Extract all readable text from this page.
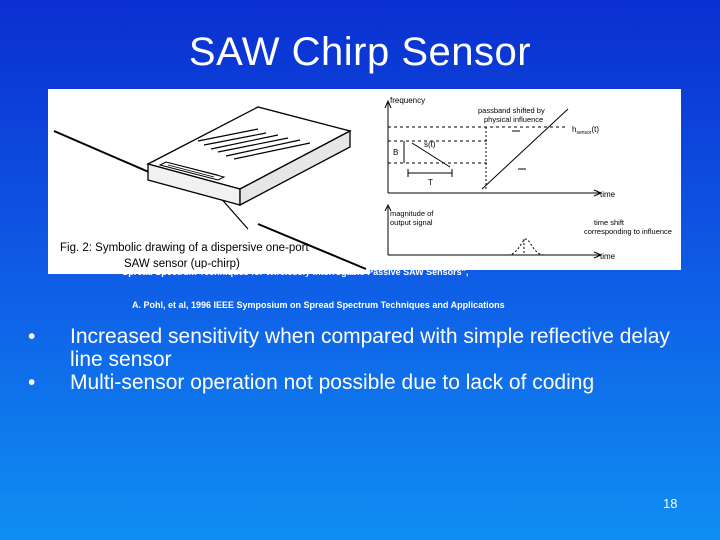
SAW Chirp Sensor
Fig. 2: Symbolic drawing of a dispersive one-port
SAW sensor (up-chirp)
frequency
passband shifted by
physical influence
$h_{sensor}(t)$
s(t)
B
T
time
magnitude of
output signal	time shift
corresponding to influence
time
"Spread Spectrum Techniques for Wirelessly Interrogable Passive SAW Sensors",
A. Pohl, et al, 1996 IEEE Symposium on Spread Spectrum Techniques and Applications
• Increased sensitivity when compared with simple reflective delay line sensor
• Multi-sensor operation not possible due to lack of coding
18
